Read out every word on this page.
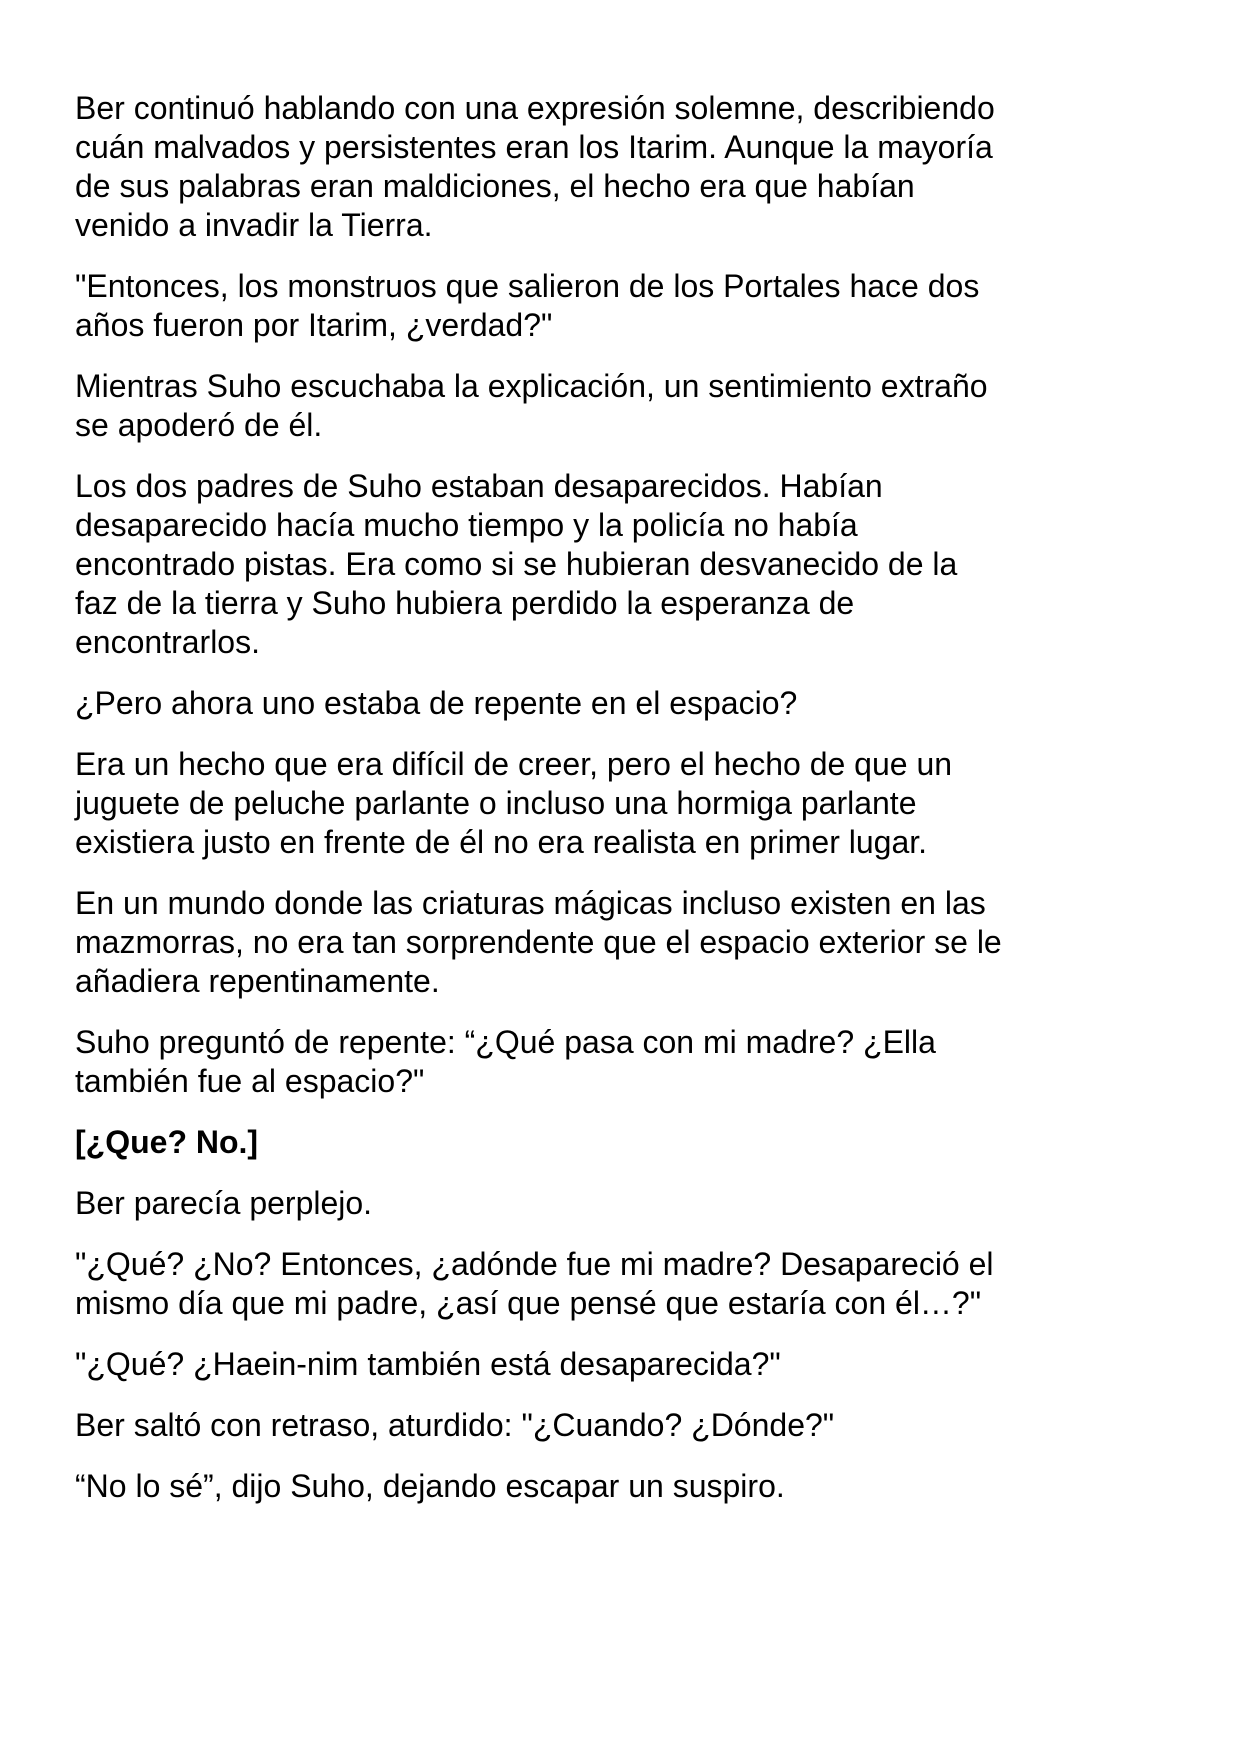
Ber continuó hablando con una expresión solemne, describiendo
cuán malvados y persistentes eran los Itarim. Aunque la mayoría
de sus palabras eran maldiciones, el hecho era que habían
venido a invadir la Tierra.

"Entonces, los monstruos que salieron de los Portales hace dos
años fueron por Itarim, ¿verdad?"

Mientras Suho escuchaba la explicación, un sentimiento extraño
se apoderó de él.

Los dos padres de Suho estaban desaparecidos. Habían
desaparecido hacía mucho tiempo y la policía no había
encontrado pistas. Era como si se hubieran desvanecido de la
faz de la tierra y Suho hubiera perdido la esperanza de
encontrarlos.

¿Pero ahora uno estaba de repente en el espacio?

Era un hecho que era difícil de creer, pero el hecho de que un
juguete de peluche parlante o incluso una hormiga parlante
existiera justo en frente de él no era realista en primer lugar.

En un mundo donde las criaturas mágicas incluso existen en las
mazmorras, no era tan sorprendente que el espacio exterior se le
añadiera repentinamente.

Suho preguntó de repente: “¿Qué pasa con mi madre? ¿Ella
también fue al espacio?"

[¿Que? No.]

Ber parecía perplejo.

"¿Qué? ¿No? Entonces, ¿adónde fue mi madre? Desapareció el
mismo día que mi padre, ¿así que pensé que estaría con él…?"

"¿Qué? ¿Haein-nim también está desaparecida?"

Ber saltó con retraso, aturdido: "¿Cuando? ¿Dónde?"

“No lo sé”, dijo Suho, dejando escapar un suspiro.
